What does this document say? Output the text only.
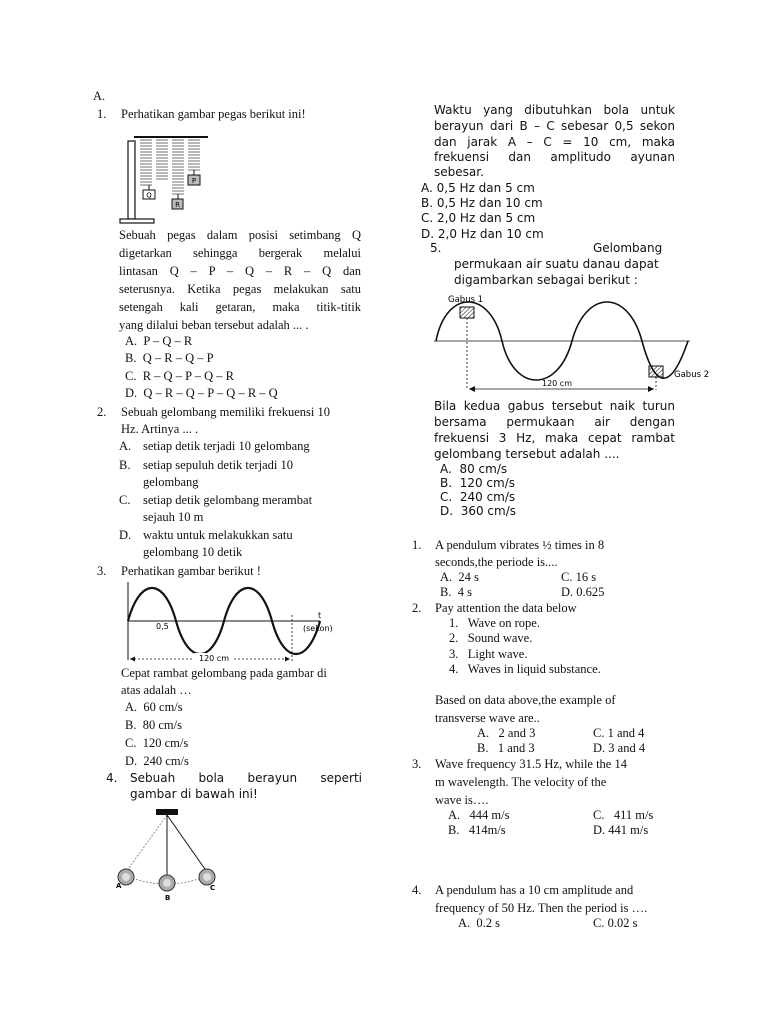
A.
1. Perhatikan gambar pegas berikut ini!
Q
R
P
Sebuah pegas dalam posisi setimbang Q
digetarkan sehingga bergerak melalui
lintasan Q – P – Q – R – Q dan
seterusnya. Ketika pegas melakukan satu
setengah kali getaran, maka titik-titik
yang dilalui beban tersebut adalah ... .
A. P – Q – R
B. Q – R – Q – P
C. R – Q – P – Q – R
D. Q – R – Q – P – Q – R – Q
2. Sebuah gelombang memiliki frekuensi 10
Hz. Artinya ... .
A. setiap detik terjadi 10 gelombang
B. setiap sepuluh detik terjadi 10
gelombang
C. setiap detik gelombang merambat
sejauh 10 m
D. waktu untuk melakukkan satu
gelombang 10 detik
3. Perhatikan gambar berikut !
t
0,5	(sekon)
120 cm
Cepat rambat gelombang pada gambar di
atas adalah …
A. 60 cm/s
B. 80 cm/s
C. 120 cm/s
D. 240 cm/s
4. Sebuah bola berayun seperti
gambar di bawah ini!
A
B
C
Waktu yang dibutuhkan bola untuk
berayun dari B – C sebesar 0,5 sekon
dan jarak A – C = 10 cm, maka
frekuensi dan amplitudo ayunan
sebesar.
A. 0,5 Hz dan 5 cm
B. 0,5 Hz dan 10 cm
C. 2,0 Hz dan 5 cm
D. 2,0 Hz dan 10 cm
5.	Gelombang
permukaan air suatu danau dapat
digambarkan sebagai berikut :
Gabus 1
Gabus 2
120 cm
Bila kedua gabus tersebut naik turun
bersama permukaan air dengan
frekuensi 3 Hz, maka cepat rambat
gelombang tersebut adalah ....
A. 80 cm/s
B. 120 cm/s
C. 240 cm/s
D. 360 cm/s
1. A pendulum vibrates ½ times in 8
seconds,the periode is....
A. 24 s	C. 16 s
B. 4 s	D. 0.625
2. Pay attention the data below
1. Wave on rope.
2. Sound wave.
3. Light wave.
4. Waves in liquid substance.
Based on data above,the example of
transverse wave are..
A. 2 and 3	C. 1 and 4
B. 1 and 3	D. 3 and 4
3. Wave frequency 31.5 Hz, while the 14
m wavelength. The velocity of the
wave is….
A. 444 m/s	C. 411 m/s
B. 414m/s	D. 441 m/s
4. A pendulum has a 10 cm amplitude and
frequency of 50 Hz. Then the period is ….
A. 0.2 s	C. 0.02 s
